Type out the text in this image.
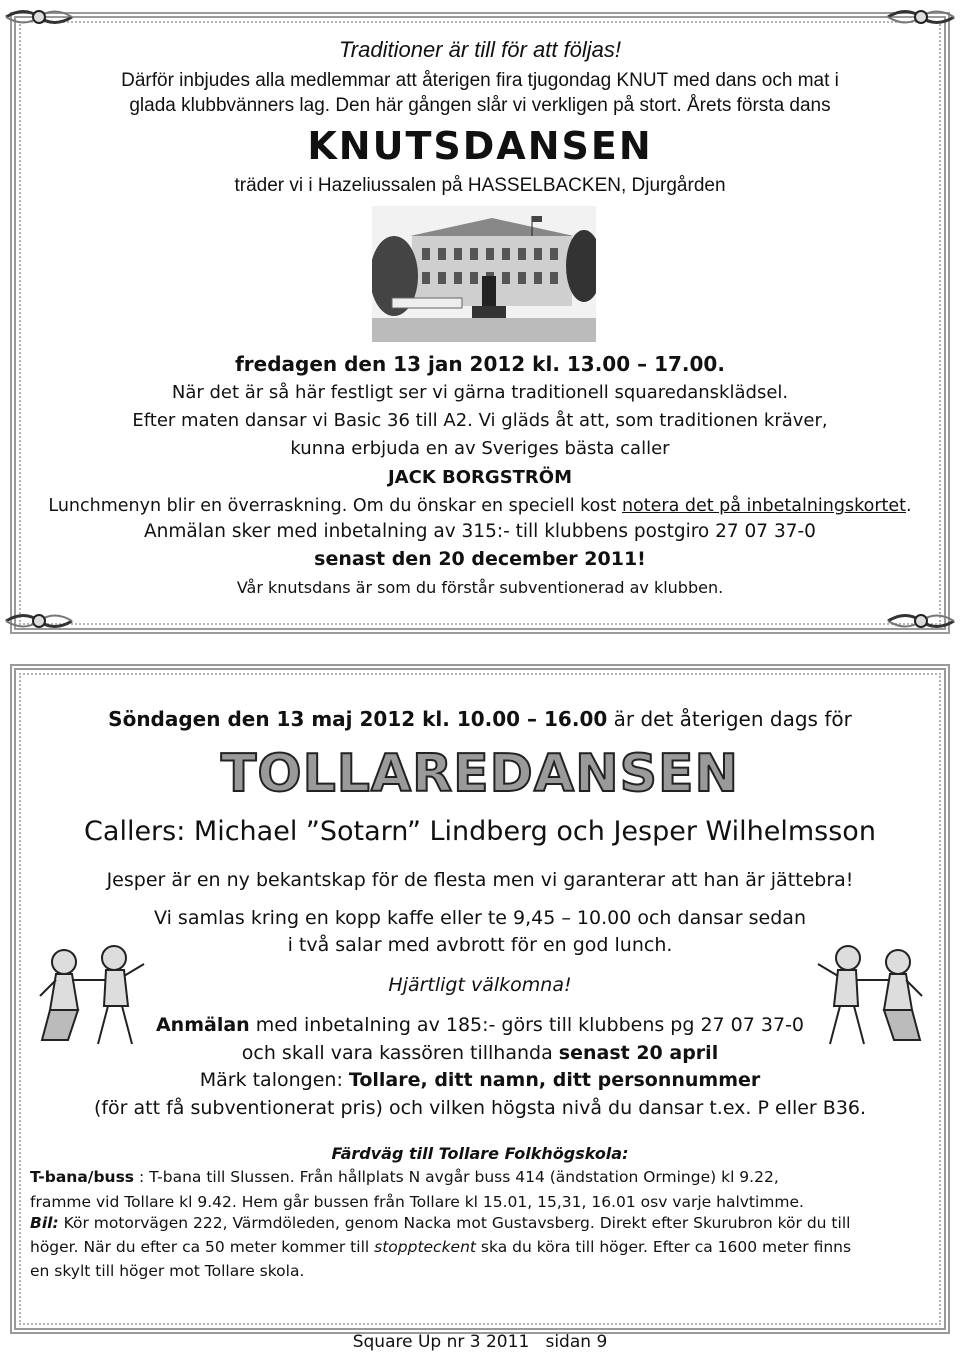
Traditioner är till för att följas!
Därför inbjudes alla medlemmar att återigen fira tjugondag KNUT med dans och mat i
glada klubbvänners lag. Den här gången slår vi verkligen på stort. Årets första dans
KNUTSDANSEN
träder vi i Hazeliussalen på HASSELBACKEN, Djurgården
fredagen den 13 jan 2012 kl. 13.00 – 17.00.
När det är så här festligt ser vi gärna traditionell squaredansklädsel.
Efter maten dansar vi Basic 36 till A2. Vi gläds åt att, som traditionen kräver,
kunna erbjuda en av Sveriges bästa caller
JACK BORGSTRÖM
Lunchmenyn blir en överraskning. Om du önskar en speciell kost notera det på inbetalningskortet.
Anmälan sker med inbetalning av 315:- till klubbens postgiro 27 07 37-0
senast den 20 december 2011!
Vår knutsdans är som du förstår subventionerad av klubben.
Söndagen den 13 maj 2012 kl. 10.00 – 16.00 är det återigen dags för
TOLLAREDANSEN
Callers: Michael ”Sotarn” Lindberg och Jesper Wilhelmsson
Jesper är en ny bekantskap för de flesta men vi garanterar att han är jättebra!
Vi samlas kring en kopp kaffe eller te 9,45 – 10.00 och dansar sedan
i två salar med avbrott för en god lunch.
Hjärtligt välkomna!
Anmälan med inbetalning av 185:- görs till klubbens pg 27 07 37-0
och skall vara kassören tillhanda senast 20 april
Märk talongen: Tollare, ditt namn, ditt personnummer
(för att få subventionerat pris) och vilken högsta nivå du dansar t.ex. P eller B36.
Färdväg till Tollare Folkhögskola:
T-bana/buss : T-bana till Slussen. Från hållplats N avgår buss 414 (ändstation Orminge) kl 9.22,
framme vid Tollare kl 9.42. Hem går bussen från Tollare kl 15.01, 15,31, 16.01 osv varje halvtimme.
Bil: Kör motorvägen 222, Värmdöleden, genom Nacka mot Gustavsberg. Direkt efter Skurubron kör du till
höger. När du efter ca 50 meter kommer till stoppteckent ska du köra till höger. Efter ca 1600 meter finns
en skylt till höger mot Tollare skola.
Square Up nr 3 2011   sidan 9
